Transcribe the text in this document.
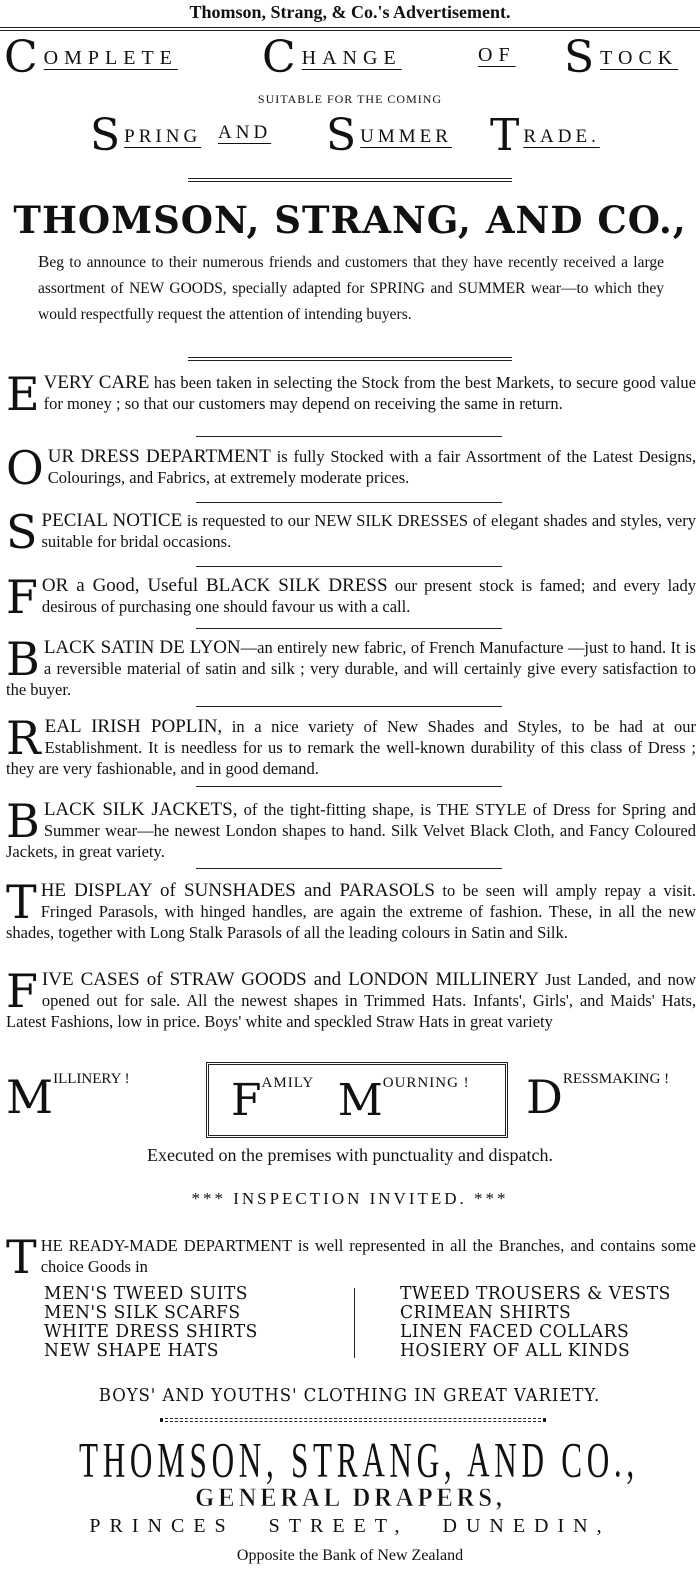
Thomson, Strang, & Co.'s Advertisement.
COMPLETE CHANGE	OF STOCK
SUITABLE FOR THE COMING
SPRING AND SUMMER TRADE.
THOMSON, STRANG, AND CO.,
Beg to announce to their numerous friends and customers that they have recently received a large assortment of NEW GOODS, specially adapted for SPRING and SUMMER wear—to which they would respectfully request the attention of intending buyers.
EVERY CARE has been taken in selecting the Stock from the best Markets, to secure good value for money ; so that our customers may depend on receiving the same in return.
OUR DRESS DEPARTMENT is fully Stocked with a fair Assortment of the Latest Designs, Colourings, and Fabrics, at extremely moderate prices.
SPECIAL NOTICE is requested to our NEW SILK DRESSES of elegant shades and styles, very suitable for bridal occasions.
FOR a Good, Useful BLACK SILK DRESS our present stock is famed; and every lady desirous of purchasing one should favour us with a call.
BLACK SATIN DE LYON—an entirely new fabric, of French Manufacture —just to hand. It is a reversible material of satin and silk ; very durable, and will certainly give every satisfaction to the buyer.
REAL IRISH POPLIN, in a nice variety of New Shades and Styles, to be had at our Establishment. It is needless for us to remark the well-known durability of this class of Dress ; they are very fashionable, and in good demand.
BLACK SILK JACKETS, of the tight-fitting shape, is THE STYLE of Dress for Spring and Summer wear—he newest London shapes to hand. Silk Velvet Black Cloth, and Fancy Coloured Jackets, in great variety.
THE DISPLAY of SUNSHADES and PARASOLS to be seen will amply repay a visit. Fringed Parasols, with hinged handles, are again the extreme of fashion. These, in all the new shades, together with Long Stalk Parasols of all the leading colours in Satin and Silk.
FIVE CASES of STRAW GOODS and LONDON MILLINERY Just Landed, and now opened out for sale. All the newest shapes in Trimmed Hats. Infants', Girls', and Maids' Hats, Latest Fashions, low in price. Boys' white and speckled Straw Hats in great variety
MILLINERY ! FAMILY MOURNING ! DRESSMAKING !
Executed on the premises with punctuality and dispatch.
*** INSPECTION INVITED. ***
THE READY-MADE DEPARTMENT is well represented in all the Branches, and contains some choice Goods in
MEN'S TWEED SUITS
MEN'S SILK SCARFS
WHITE DRESS SHIRTS
NEW SHAPE HATS
TWEED TROUSERS & VESTS
CRIMEAN SHIRTS
LINEN FACED COLLARS
HOSIERY OF ALL KINDS
BOYS' AND YOUTHS' CLOTHING IN GREAT VARIETY.
THOMSON, STRANG, AND CO.,
GENERAL DRAPERS,
PRINCES STREET, DUNEDIN,
Opposite the Bank of New Zealand
